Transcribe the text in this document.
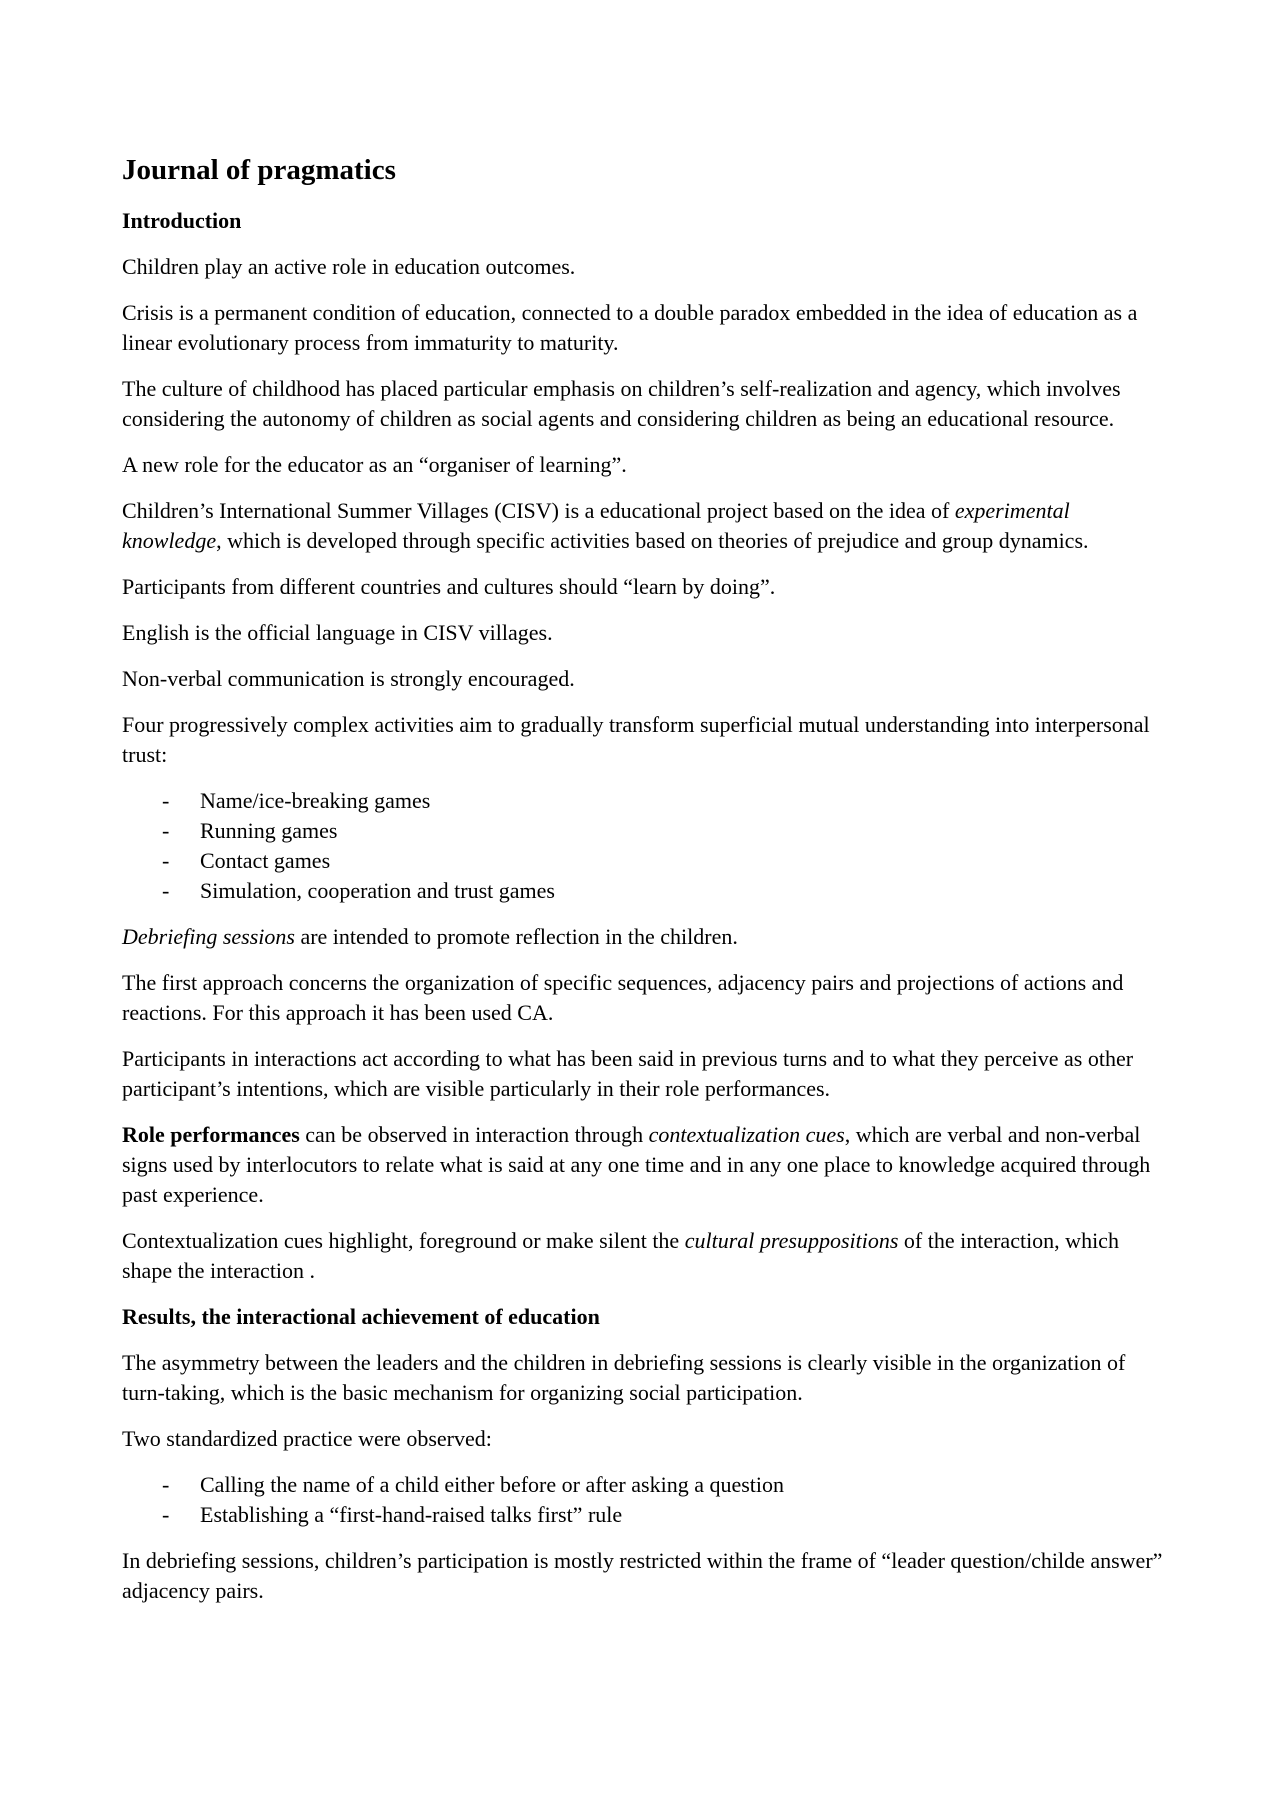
Journal of pragmatics
Introduction

Children play an active role in education outcomes.

Crisis is a permanent condition of education, connected to a double paradox embedded in the idea of education as a linear evolutionary process from immaturity to maturity.

The culture of childhood has placed particular emphasis on children’s self-realization and agency, which involves considering the autonomy of children as social agents and considering children as being an educational resource.

A new role for the educator as an “organiser of learning”.

Children’s International Summer Villages (CISV) is a educational project based on the idea of experimental knowledge, which is developed through specific activities based on theories of prejudice and group dynamics.

Participants from different countries and cultures should “learn by doing”.

English is the official language in CISV villages.

Non-verbal communication is strongly encouraged.

Four progressively complex activities aim to gradually transform superficial mutual understanding into interpersonal trust:

- Name/ice-breaking games
- Running games
- Contact games
- Simulation, cooperation and trust games

Debriefing sessions are intended to promote reflection in the children.

The first approach concerns the organization of specific sequences, adjacency pairs and projections of actions and reactions. For this approach it has been used CA.

Participants in interactions act according to what has been said in previous turns and to what they perceive as other participant’s intentions, which are visible particularly in their role performances.

Role performances can be observed in interaction through contextualization cues, which are verbal and non-verbal signs used by interlocutors to relate what is said at any one time and in any one place to knowledge acquired through past experience.

Contextualization cues highlight, foreground or make silent the cultural presuppositions of the interaction, which shape the interaction .

Results, the interactional achievement of education

The asymmetry between the leaders and the children in debriefing sessions is clearly visible in the organization of turn-taking, which is the basic mechanism for organizing social participation.

Two standardized practice were observed:

- Calling the name of a child either before or after asking a question
- Establishing a “first-hand-raised talks first” rule

In debriefing sessions, children’s participation is mostly restricted within the frame of “leader question/childe answer” adjacency pairs.
